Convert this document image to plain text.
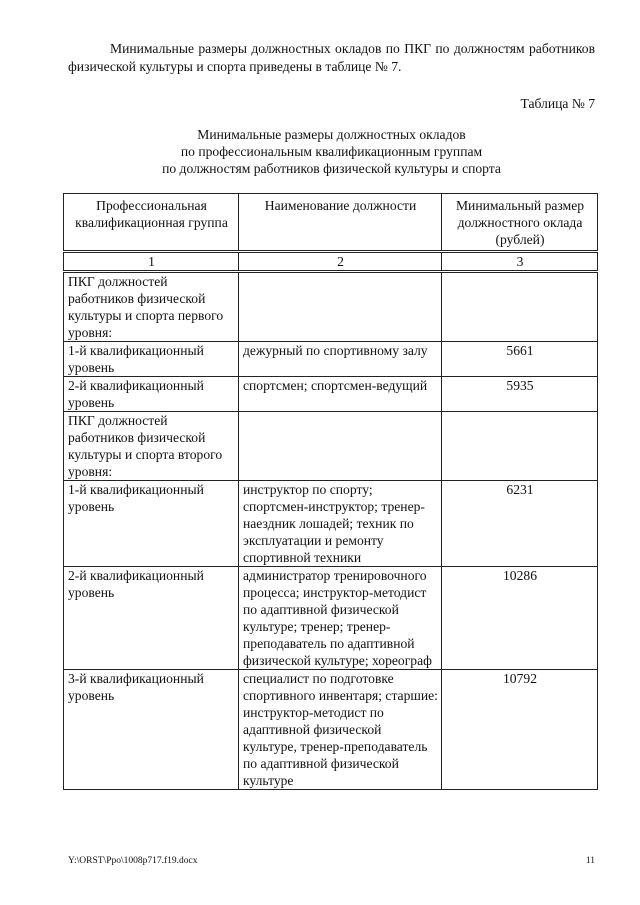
Минимальные размеры должностных окладов по ПКГ по должностям работников физической культуры и спорта приведены в таблице № 7.
Таблица № 7
Минимальные размеры должностных окладов
по профессиональным квалификационным группам
по должностям работников физической культуры и спорта
Профессиональная квалификационная группа	Наименование должности	Минимальный размер должностного оклада (рублей)
1	2	3
ПКГ должностей работников физической культуры и спорта первого уровня:		
1-й квалификационный уровень	дежурный по спортивному залу	5661
2-й квалификационный уровень	спортсмен; спортсмен-ведущий	5935
ПКГ должностей работников физической культуры и спорта второго уровня:		
1-й квалификационный уровень	инструктор по спорту; спортсмен-инструктор; тренер-наездник лошадей; техник по эксплуатации и ремонту спортивной техники	6231
2-й квалификационный уровень	администратор тренировочного процесса; инструктор-методист по адаптивной физической культуре; тренер; тренер-преподаватель по адаптивной физической культуре; хореограф	10286
3-й квалификационный уровень	специалист по подготовке спортивного инвентаря; старшие: инструктор-методист по адаптивной физической культуре, тренер-преподаватель по адаптивной физической культуре	10792
Y:\ORST\Ppo\1008p717.f19.docx	11
